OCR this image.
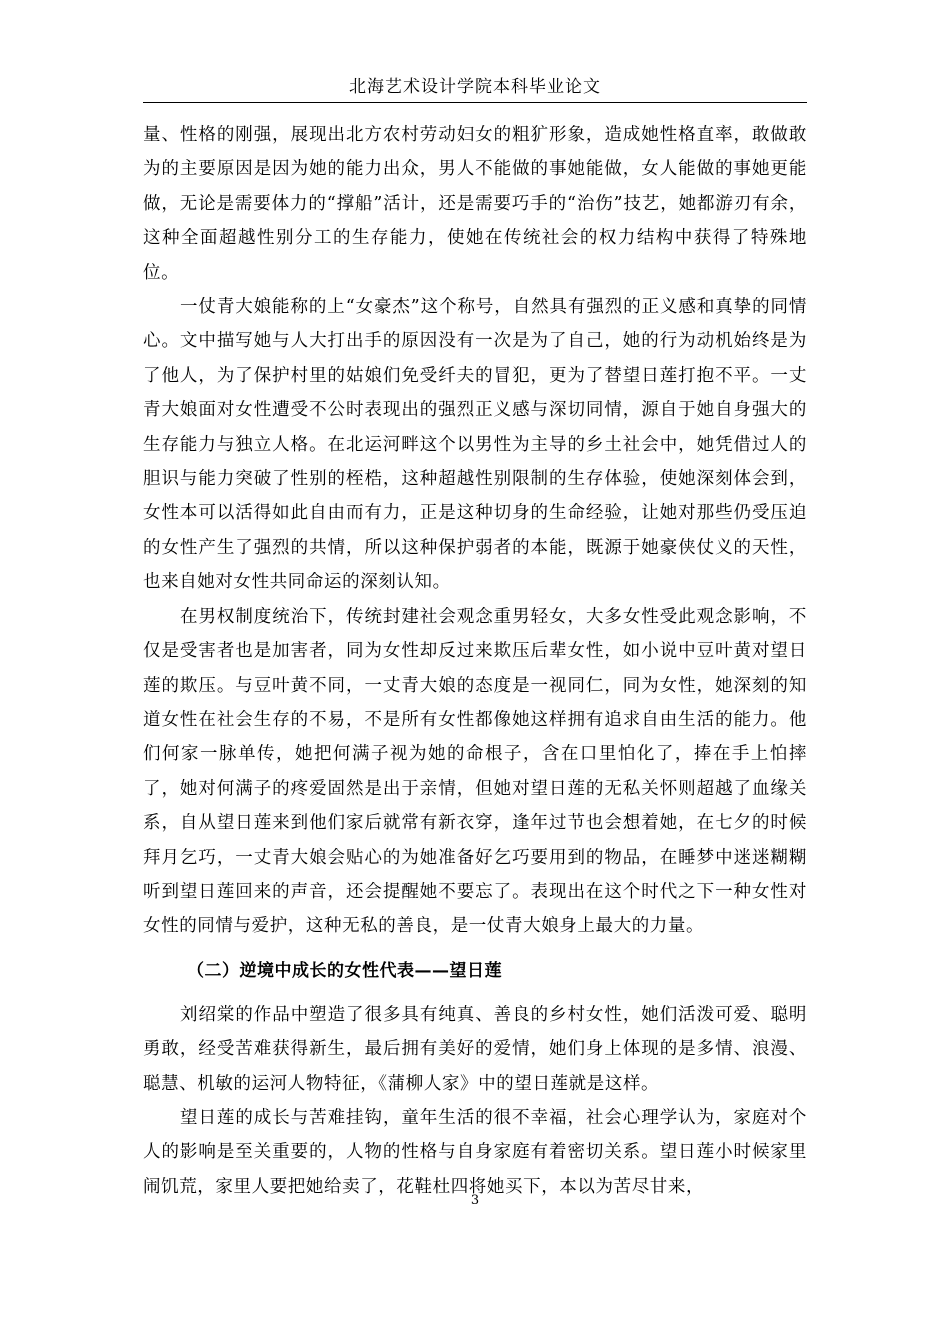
北海艺术设计学院本科毕业论文

量、性格的刚强，展现出北方农村劳动妇女的粗犷形象，造成她性格直率，敢做敢为的主要原因是因为她的能力出众，男人不能做的事她能做，女人能做的事她更能做，无论是需要体力的“撑船”活计，还是需要巧手的“治伤”技艺，她都游刃有余，这种全面超越性别分工的生存能力，使她在传统社会的权力结构中获得了特殊地位。

一仗青大娘能称的上“女豪杰”这个称号，自然具有强烈的正义感和真挚的同情心。文中描写她与人大打出手的原因没有一次是为了自己，她的行为动机始终是为了他人，为了保护村里的姑娘们免受纤夫的冒犯，更为了替望日莲打抱不平。一丈青大娘面对女性遭受不公时表现出的强烈正义感与深切同情，源自于她自身强大的生存能力与独立人格。在北运河畔这个以男性为主导的乡土社会中，她凭借过人的胆识与能力突破了性别的桎梏，这种超越性别限制的生存体验，使她深刻体会到，女性本可以活得如此自由而有力，正是这种切身的生命经验，让她对那些仍受压迫的女性产生了强烈的共情，所以这种保护弱者的本能，既源于她豪侠仗义的天性，也来自她对女性共同命运的深刻认知。

在男权制度统治下，传统封建社会观念重男轻女，大多女性受此观念影响，不仅是受害者也是加害者，同为女性却反过来欺压后辈女性，如小说中豆叶黄对望日莲的欺压。与豆叶黄不同，一丈青大娘的态度是一视同仁，同为女性，她深刻的知道女性在社会生存的不易，不是所有女性都像她这样拥有追求自由生活的能力。他们何家一脉单传，她把何满子视为她的命根子，含在口里怕化了，捧在手上怕摔了，她对何满子的疼爱固然是出于亲情，但她对望日莲的无私关怀则超越了血缘关系，自从望日莲来到他们家后就常有新衣穿，逢年过节也会想着她，在七夕的时候拜月乞巧，一丈青大娘会贴心的为她准备好乞巧要用到的物品，在睡梦中迷迷糊糊听到望日莲回来的声音，还会提醒她不要忘了。表现出在这个时代之下一种女性对女性的同情与爱护，这种无私的善良，是一仗青大娘身上最大的力量。

（二）逆境中成长的女性代表——望日莲

刘绍棠的作品中塑造了很多具有纯真、善良的乡村女性，她们活泼可爱、聪明勇敢，经受苦难获得新生，最后拥有美好的爱情，她们身上体现的是多情、浪漫、聪慧、机敏的运河人物特征，《蒲柳人家》中的望日莲就是这样。

望日莲的成长与苦难挂钩，童年生活的很不幸福，社会心理学认为，家庭对个人的影响是至关重要的，人物的性格与自身家庭有着密切关系。望日莲小时候家里闹饥荒，家里人要把她给卖了，花鞋杜四将她买下，本以为苦尽甘来，

3
